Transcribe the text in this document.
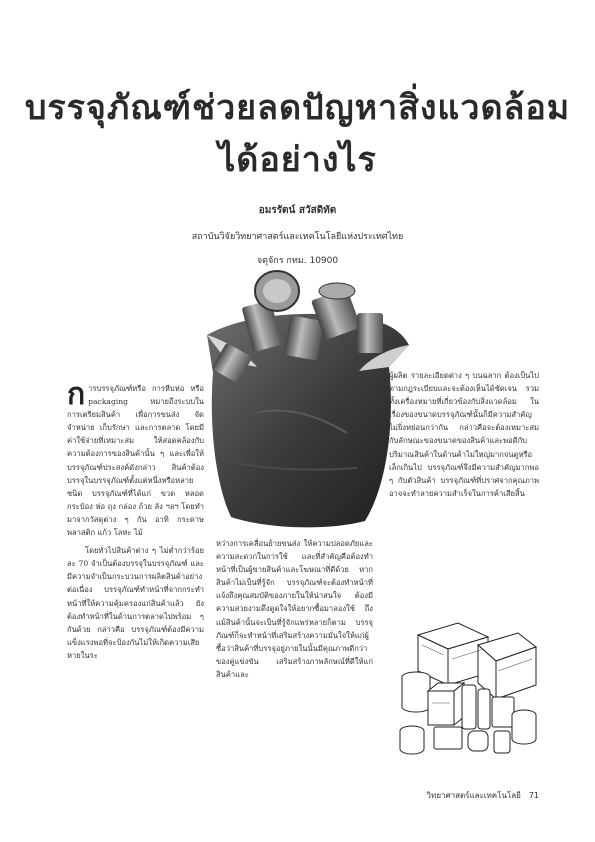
บรรจุภัณฑ์ช่วยลดปัญหาสิ่งแวดล้อม
ได้อย่างไร
อมรรัตน์ สวัสดิทัต
สถาบันวิจัยวิทยาศาสตร์และเทคโนโลยีแห่งประเทศไทย
จตุจักร กทม. 10900

การบรรจุภัณฑ์หรือ การหีบห่อ หรือ packaging หมายถึงระบบในการเตรียมสินค้า เพื่อการขนส่ง จัดจำหน่าย เก็บรักษา และการตลาด โดยมีค่าใช้จ่ายที่เหมาะสม ให้สอดคล้องกับความต้องการของสินค้านั้น ๆ และเพื่อให้บรรจุภัณฑ์ประสงค์ดังกล่าว สินค้าต้องบรรจุในบรรจุภัณฑ์ตั้งแต่หนึ่งหรือหลายชนิด บรรจุภัณฑ์ที่ได้แก่ ขวด หลอด กระป๋อง ห่อ ถุง กล่อง ถ้วย ลัง ฯลฯ โดยทำมาจากวัสดุต่าง ๆ กัน อาทิ กระดาษ พลาสติก แก้ว โลหะ ไม้

โดยทั่วไปสินค้าต่าง ๆ ไม่ต่ำกว่าร้อยละ 70 จำเป็นต้องบรรจุในบรรจุภัณฑ์ และมีความจำเป็นกระบวนการผลิตสินค้าอย่างต่อเนื่อง บรรจุภัณฑ์ทำหน้าที่จากกระทำหน้าที่ให้ความคุ้มครองแก่สินค้าแล้ว ยังต้องทำหน้าที่ในด้านการตลาดไปพร้อม ๆ กันด้วย กล่าวคือ บรรจุภัณฑ์ต้องมีความแข็งแรงพอที่จะป้องกันไม่ให้เกิดความเสียหายในระ

หว่างการเคลื่อนย้ายขนส่ง ให้ความปลอดภัยและความสะดวกในการใช้ และที่สำคัญคือต้องทำหน้าที่เป็นผู้ขายสินค้าและโฆษณาที่ดีด้วย หากสินค้าไม่เป็นที่รู้จัก บรรจุภัณฑ์จะต้องทำหน้าที่แจ้งถึงคุณสมบัติของภายในให้น่าสนใจ ต้องมีความสวยงามดึงดูดใจให้อยากซื้อมาลองใช้ ถึงแม้สินค้านั้นจะเป็นที่รู้จักแพร่หลายก็ตาม บรรจุภัณฑ์ก็จะทำหน้าที่เสริมสร้างความมั่นใจให้แก่ผู้ซื้อว่าสินค้าที่บรรจุอยู่ภายในนั้นมีคุณภาพดีกว่าของคู่แข่งขัน เสริมสร้างภาพลักษณ์ที่ดีให้แก่สินค้าและ

ผู้ผลิต รายละเอียดต่าง ๆ บนฉลาก ต้องเป็นไปตามกฎระเบียบและจะต้องเห็นได้ชัดเจน รวมทั้งเครื่องหมายที่เกี่ยวข้องกับสิ่งแวดล้อม ในเรื่องของขนาดบรรจุภัณฑ์นั้นก็มีความสำคัญไม่ยิ่งหย่อนกว่ากัน กล่าวคือจะต้องเหมาะสมกับลักษณะของขนาดของสินค้าและพอดีกับปริมาณสินค้าในด้านค้าไม่ใหญ่มากจนดูหรือเล็กเกินไป บรรจุภัณฑ์จึงมีความสำคัญมากพอ ๆ กับตัวสินค้า บรรจุภัณฑ์ที่ปราศจากคุณภาพอาจจะทำลายความสำเร็จในการค้าเสียสิ้น

วิทยาศาสตร์และเทคโนโลยี 71
